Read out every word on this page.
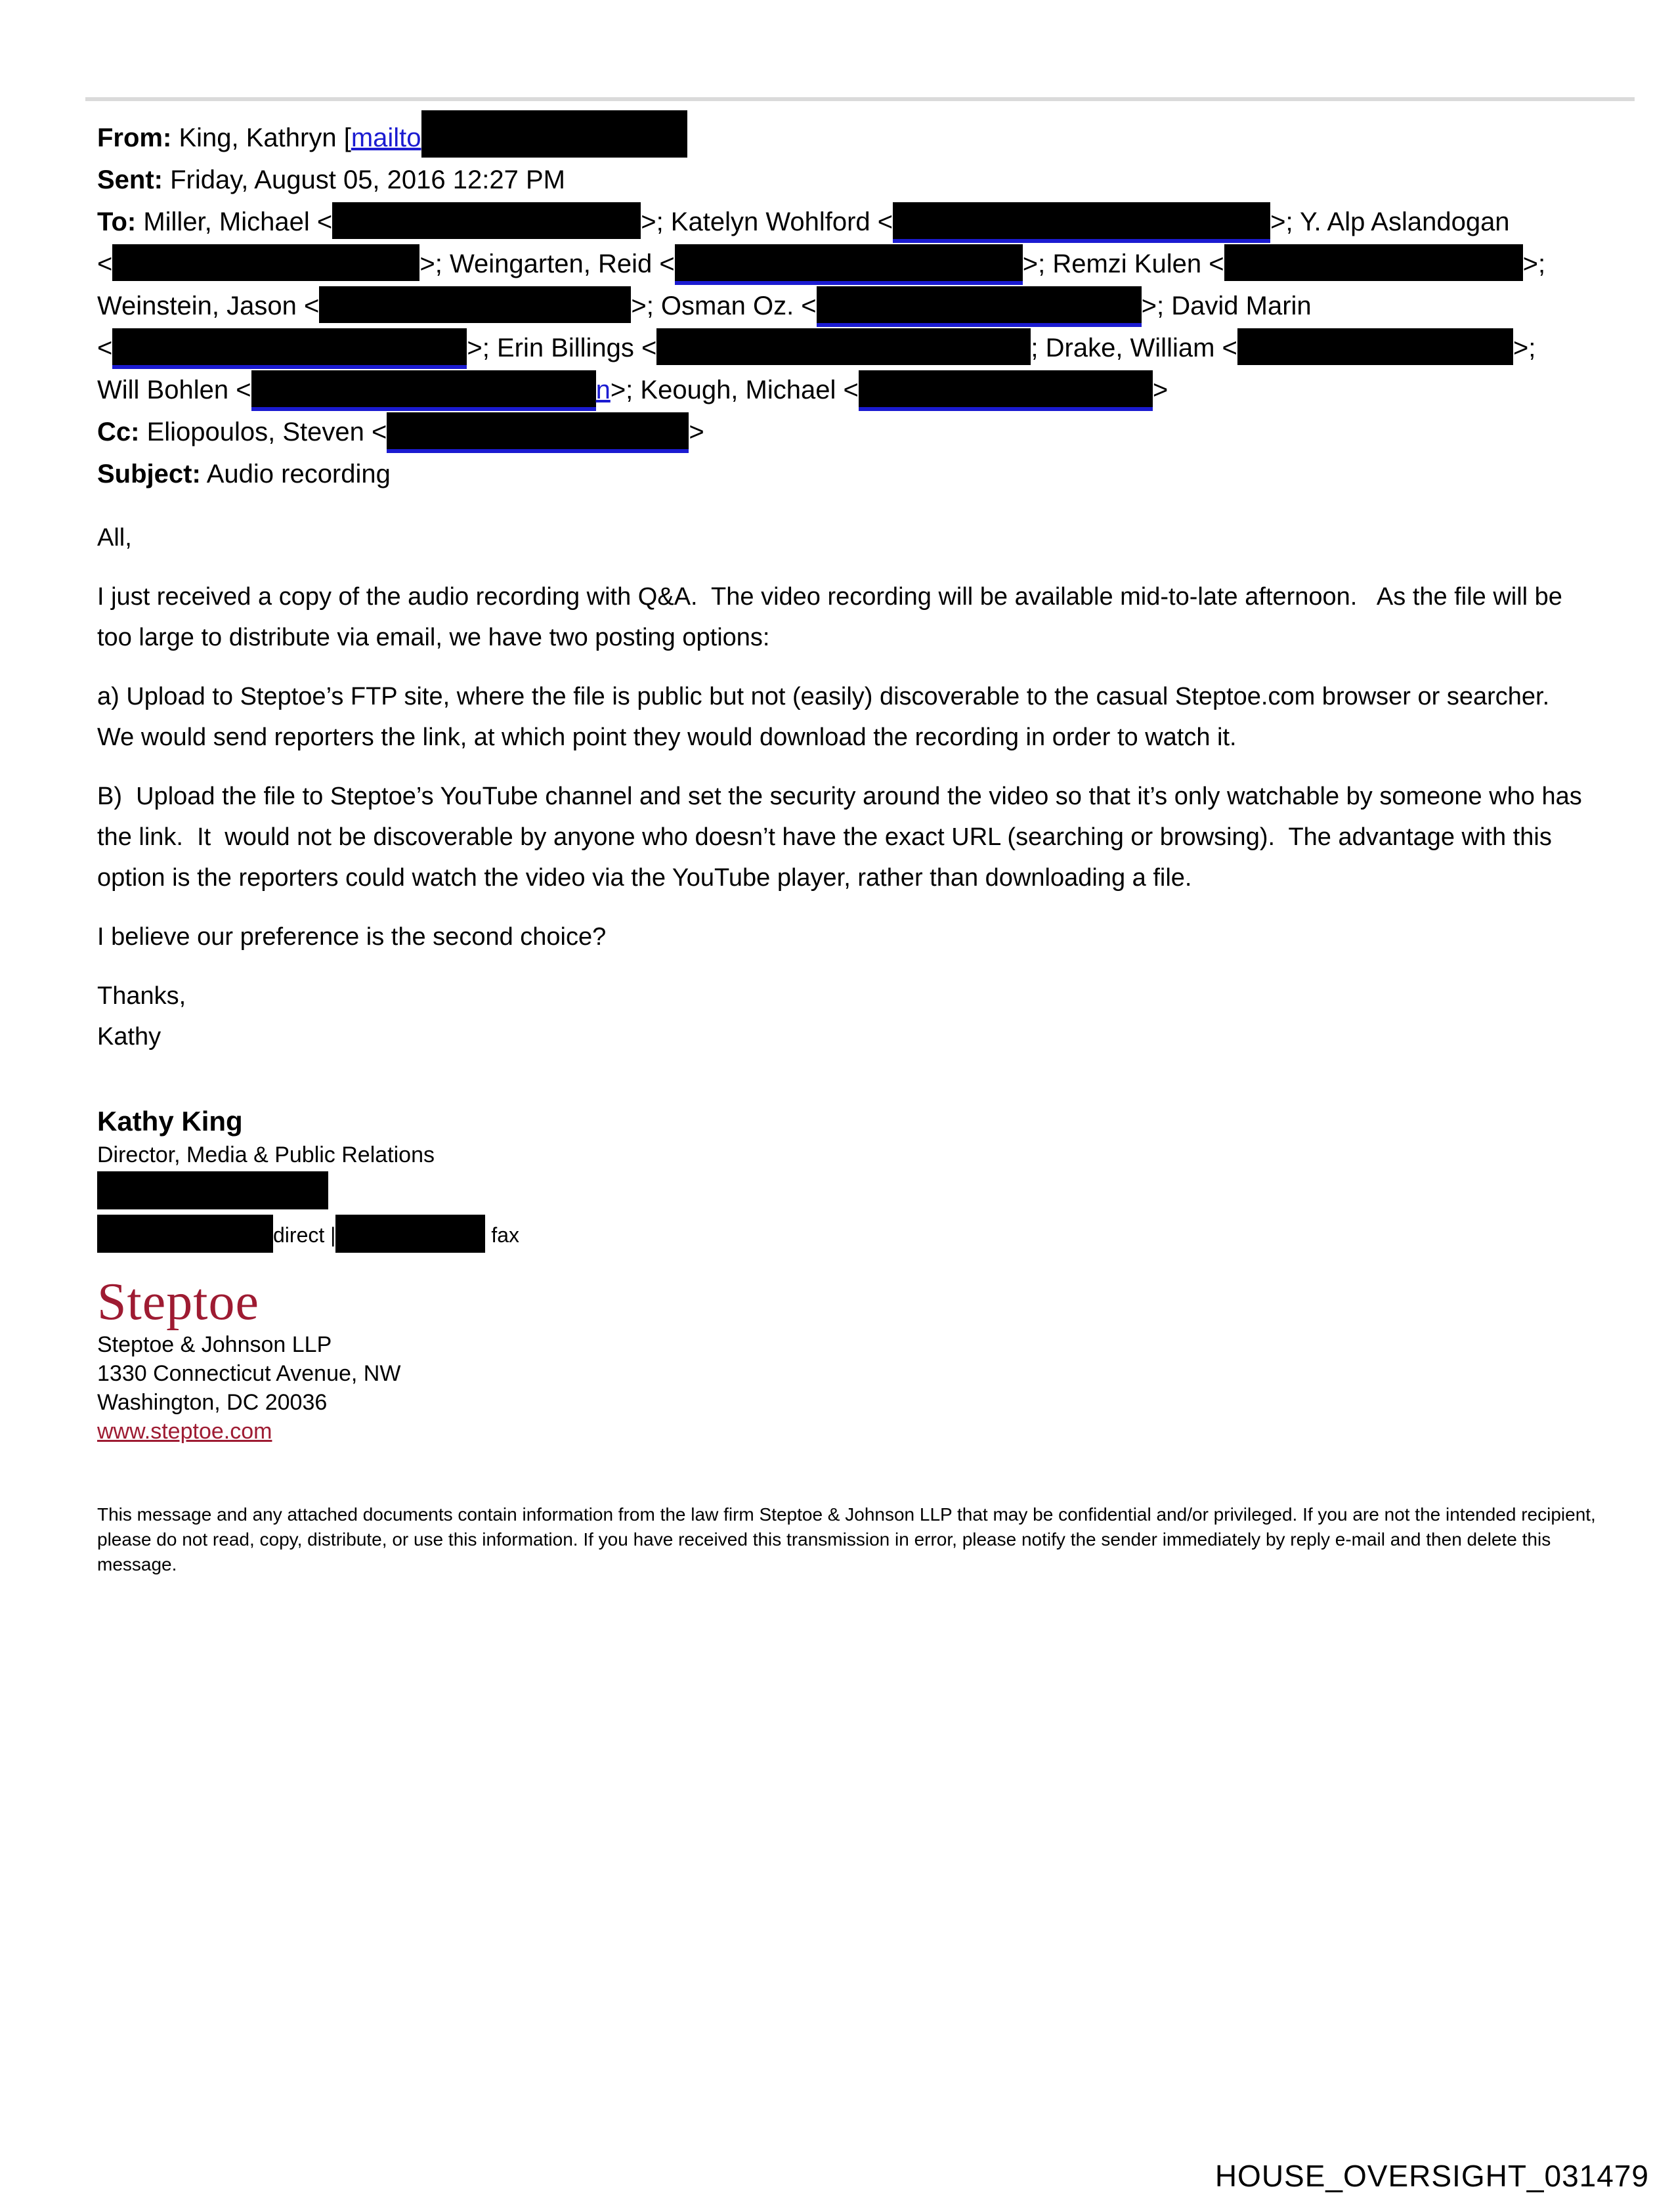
From: King, Kathryn [mailto
Sent: Friday, August 05, 2016 12:27 PM
To: Miller, Michael <	>; Katelyn Wohlford <	>; Y. Alp Aslandogan
<	>; Weingarten, Reid <	>; Remzi Kulen <	>;
Weinstein, Jason <	>; Osman Oz. <	>; David Marin
<	>; Erin Billings <	; Drake, William <	>;
Will Bohlen <	n>; Keough, Michael <	>
Cc: Eliopoulos, Steven <	>
Subject: Audio recording

All,

I just received a copy of the audio recording with Q&A.  The video recording will be available mid-to-late afternoon.   As the file will be too large to distribute via email, we have two posting options:

a) Upload to Steptoe’s FTP site, where the file is public but not (easily) discoverable to the casual Steptoe.com browser or searcher.  We would send reporters the link, at which point they would download the recording in order to watch it.

B)  Upload the file to Steptoe’s YouTube channel and set the security around the video so that it’s only watchable by someone who has the link.  It  would not be discoverable by anyone who doesn’t have the exact URL (searching or browsing).  The advantage with this option is the reporters could watch the video via the YouTube player, rather than downloading a file.

I believe our preference is the second choice?

Thanks,
Kathy
Kathy King
Director, Media & Public Relations
direct |	fax
Steptoe
Steptoe & Johnson LLP
1330 Connecticut Avenue, NW
Washington, DC 20036
www.steptoe.com
This message and any attached documents contain information from the law firm Steptoe & Johnson LLP that may be confidential and/or privileged. If you are not the intended recipient, please do not read, copy, distribute, or use this information. If you have received this transmission in error, please notify the sender immediately by reply e-mail and then delete this message.
HOUSE_OVERSIGHT_031479
